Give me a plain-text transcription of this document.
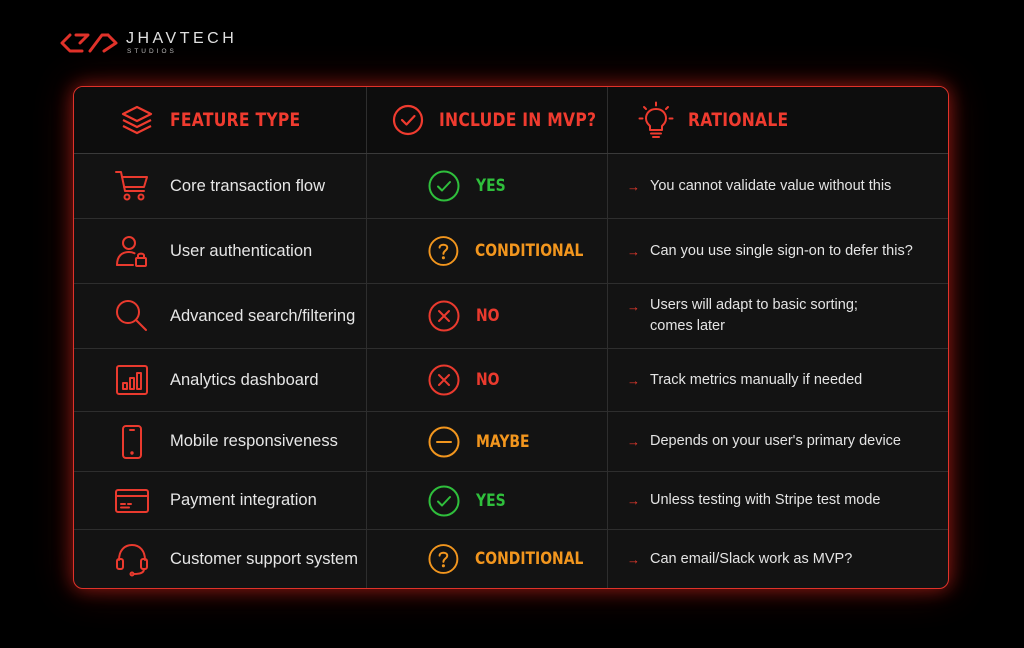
JHAVTECH
STUDIOS
FEATURE TYPE	INCLUDE IN MVP?	RATIONALE
Core transaction flow	YES	→ You cannot validate value without this
User authentication	CONDITIONAL	→ Can you use single sign-on to defer this?
Advanced search/filtering	NO	→ Users will adapt to basic sorting;
comes later
Analytics dashboard	NO	→ Track metrics manually if needed
Mobile responsiveness	MAYBE	→ Depends on your user's primary device
Payment integration	YES	→ Unless testing with Stripe test mode
Customer support system	CONDITIONAL	→ Can email/Slack work as MVP?
